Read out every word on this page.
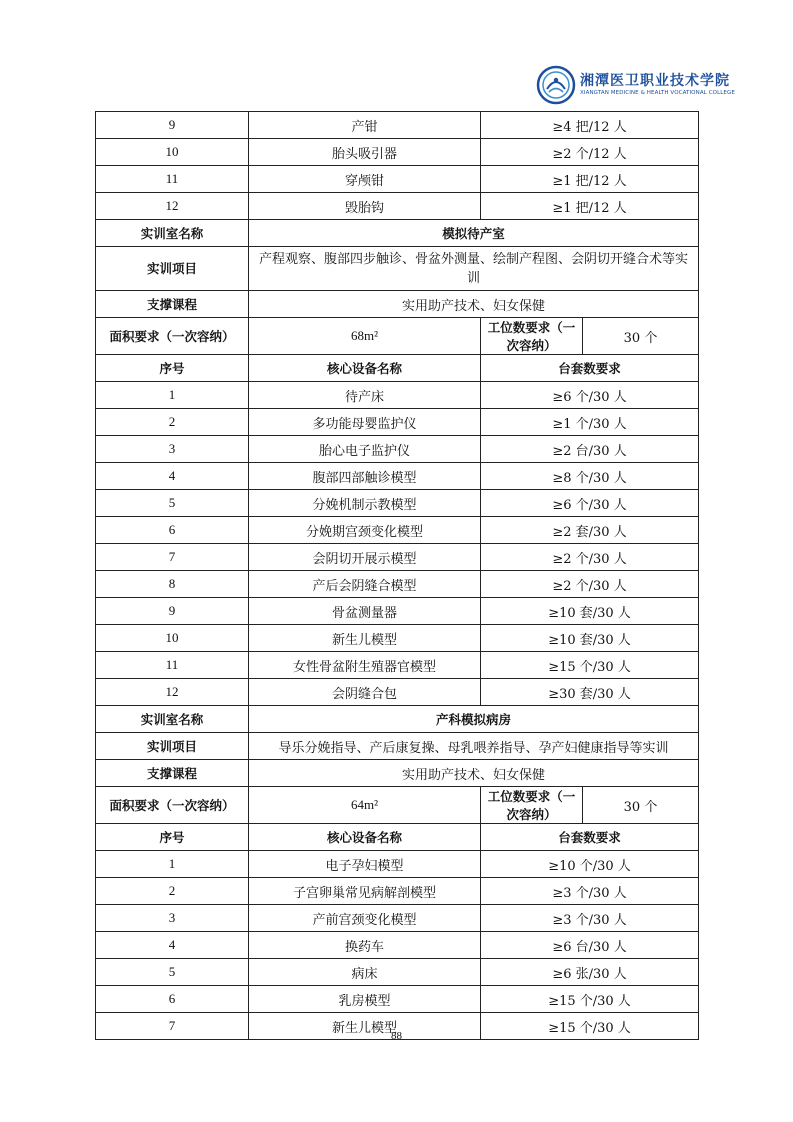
湘潭医卫职业技术学院
XIANGTAN MEDICINE & HEALTH VOCATIONAL COLLEGE
9	产钳	≥4 把/12 人	
10	胎头吸引器	≥2 个/12 人	
11	穿颅钳	≥1 把/12 人	
12	毁胎钩	≥1 把/12 人	
实训室名称	模拟待产室		
实训项目	产程观察、腹部四步触诊、骨盆外测量、绘制产程图、会阴切开缝合术等实训		
支撑课程	实用助产技术、妇女保健		
面积要求（一次容纳）	68m²	工位数要求（一次容纳）	30 个
序号	核心设备名称	台套数要求	
1	待产床	≥6 个/30 人	
2	多功能母婴监护仪	≥1 个/30 人	
3	胎心电子监护仪	≥2 台/30 人	
4	腹部四部触诊模型	≥8 个/30 人	
5	分娩机制示教模型	≥6 个/30 人	
6	分娩期宫颈变化模型	≥2 套/30 人	
7	会阴切开展示模型	≥2 个/30 人	
8	产后会阴缝合模型	≥2 个/30 人	
9	骨盆测量器	≥10 套/30 人	
10	新生儿模型	≥10 套/30 人	
11	女性骨盆附生殖器官模型	≥15 个/30 人	
12	会阴缝合包	≥30 套/30 人	
实训室名称	产科模拟病房		
实训项目	导乐分娩指导、产后康复操、母乳喂养指导、孕产妇健康指导等实训		
支撑课程	实用助产技术、妇女保健		
面积要求（一次容纳）	64m²	工位数要求（一次容纳）	30 个
序号	核心设备名称	台套数要求	
1	电子孕妇模型	≥10 个/30 人	
2	子宫卵巢常见病解剖模型	≥3 个/30 人	
3	产前宫颈变化模型	≥3 个/30 人	
4	换药车	≥6 台/30 人	
5	病床	≥6 张/30 人	
6	乳房模型	≥15 个/30 人	
7	新生儿模型	≥15 个/30 人	
88
